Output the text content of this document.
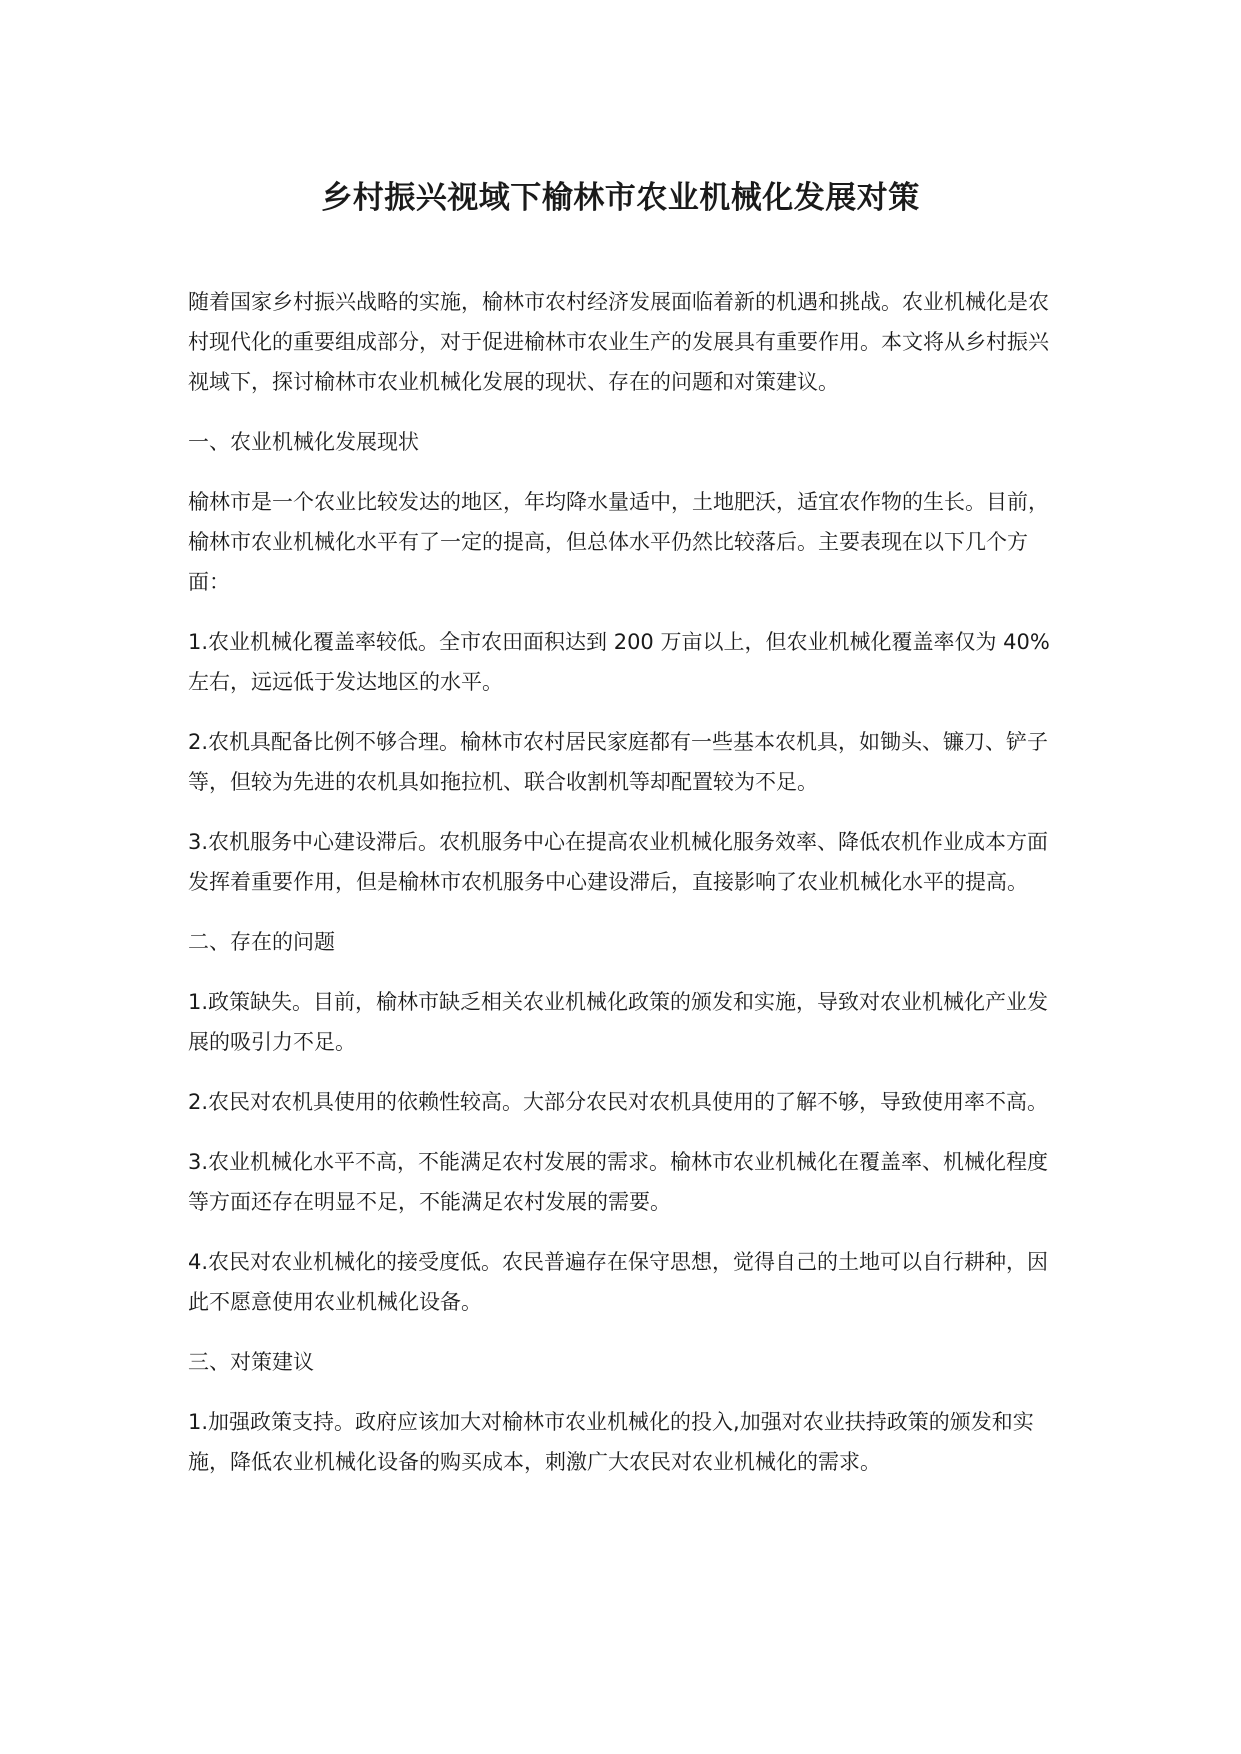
乡村振兴视域下榆林市农业机械化发展对策

随着国家乡村振兴战略的实施，榆林市农村经济发展面临着新的机遇和挑战。农业机械化是农村现代化的重要组成部分，对于促进榆林市农业生产的发展具有重要作用。本文将从乡村振兴视域下，探讨榆林市农业机械化发展的现状、存在的问题和对策建议。

一、农业机械化发展现状

榆林市是一个农业比较发达的地区，年均降水量适中，土地肥沃，适宜农作物的生长。目前，榆林市农业机械化水平有了一定的提高，但总体水平仍然比较落后。主要表现在以下几个方面：

1.农业机械化覆盖率较低。全市农田面积达到 200 万亩以上，但农业机械化覆盖率仅为 40%左右，远远低于发达地区的水平。

2.农机具配备比例不够合理。榆林市农村居民家庭都有一些基本农机具，如锄头、镰刀、铲子等，但较为先进的农机具如拖拉机、联合收割机等却配置较为不足。

3.农机服务中心建设滞后。农机服务中心在提高农业机械化服务效率、降低农机作业成本方面发挥着重要作用，但是榆林市农机服务中心建设滞后，直接影响了农业机械化水平的提高。

二、存在的问题

1.政策缺失。目前，榆林市缺乏相关农业机械化政策的颁发和实施，导致对农业机械化产业发展的吸引力不足。

2.农民对农机具使用的依赖性较高。大部分农民对农机具使用的了解不够，导致使用率不高。

3.农业机械化水平不高，不能满足农村发展的需求。榆林市农业机械化在覆盖率、机械化程度等方面还存在明显不足，不能满足农村发展的需要。

4.农民对农业机械化的接受度低。农民普遍存在保守思想，觉得自己的土地可以自行耕种，因此不愿意使用农业机械化设备。

三、对策建议

1.加强政策支持。政府应该加大对榆林市农业机械化的投入,加强对农业扶持政策的颁发和实施，降低农业机械化设备的购买成本，刺激广大农民对农业机械化的需求。
